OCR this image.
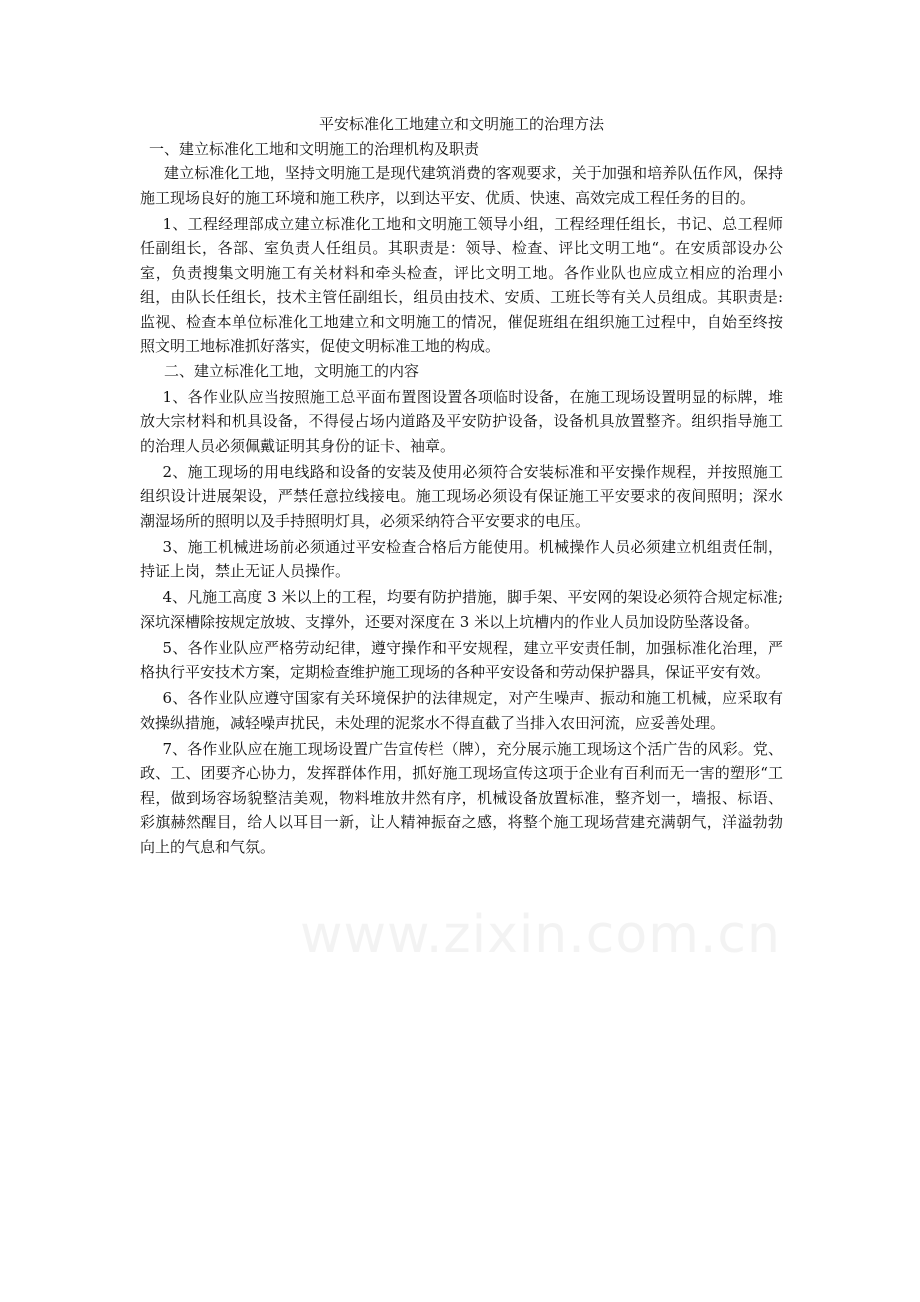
平安标准化工地建立和文明施工的治理方法

一、建立标准化工地和文明施工的治理机构及职责

建立标准化工地，坚持文明施工是现代建筑消费的客观要求，关于加强和培养队伍作风，保持施工现场良好的施工环境和施工秩序，以到达平安、优质、快速、高效完成工程任务的目的。

1、工程经理部成立建立标准化工地和文明施工领导小组，工程经理任组长，书记、总工程师任副组长，各部、室负责人任组员。其职责是：领导、检查、评比文明工地“。在安质部设办公室，负责搜集文明施工有关材料和牵头检查，评比文明工地。各作业队也应成立相应的治理小组，由队长任组长，技术主管任副组长，组员由技术、安质、工班长等有关人员组成。其职责是: 监视、检查本单位标准化工地建立和文明施工的情况，催促班组在组织施工过程中，自始至终按照文明工地标准抓好落实，促使文明标准工地的构成。

二、建立标准化工地，文明施工的内容

1、各作业队应当按照施工总平面布置图设置各项临时设备，在施工现场设置明显的标牌，堆放大宗材料和机具设备，不得侵占场内道路及平安防护设备，设备机具放置整齐。组织指导施工的治理人员必须佩戴证明其身份的证卡、袖章。

2、施工现场的用电线路和设备的安装及使用必须符合安装标准和平安操作规程，并按照施工组织设计进展架设，严禁任意拉线接电。施工现场必须设有保证施工平安要求的夜间照明；深水潮湿场所的照明以及手持照明灯具，必须采纳符合平安要求的电压。

3、施工机械进场前必须通过平安检查合格后方能使用。机械操作人员必须建立机组责任制，持证上岗，禁止无证人员操作。

4、凡施工高度 3 米以上的工程，均要有防护措施，脚手架、平安网的架设必须符合规定标准; 深坑深槽除按规定放坡、支撑外，还要对深度在 3 米以上坑槽内的作业人员加设防坠落设备。

5、各作业队应严格劳动纪律，遵守操作和平安规程，建立平安责任制，加强标准化治理，严格执行平安技术方案，定期检查维护施工现场的各种平安设备和劳动保护器具，保证平安有效。

6、各作业队应遵守国家有关环境保护的法律规定，对产生噪声、振动和施工机械，应采取有效操纵措施，减轻噪声扰民，未处理的泥浆水不得直截了当排入农田河流，应妥善处理。

7、各作业队应在施工现场设置广告宣传栏（牌），充分展示施工现场这个活广告的风彩。党、政、工、团要齐心协力，发挥群体作用，抓好施工现场宣传这项于企业有百利而无一害的塑形“工程，做到场容场貌整洁美观，物料堆放井然有序，机械设备放置标准，整齐划一，墙报、标语、彩旗赫然醒目，给人以耳目一新，让人精神振奋之感，将整个施工现场营建充满朝气，洋溢勃勃向上的气息和气氛。

www.zixin.com.cn
